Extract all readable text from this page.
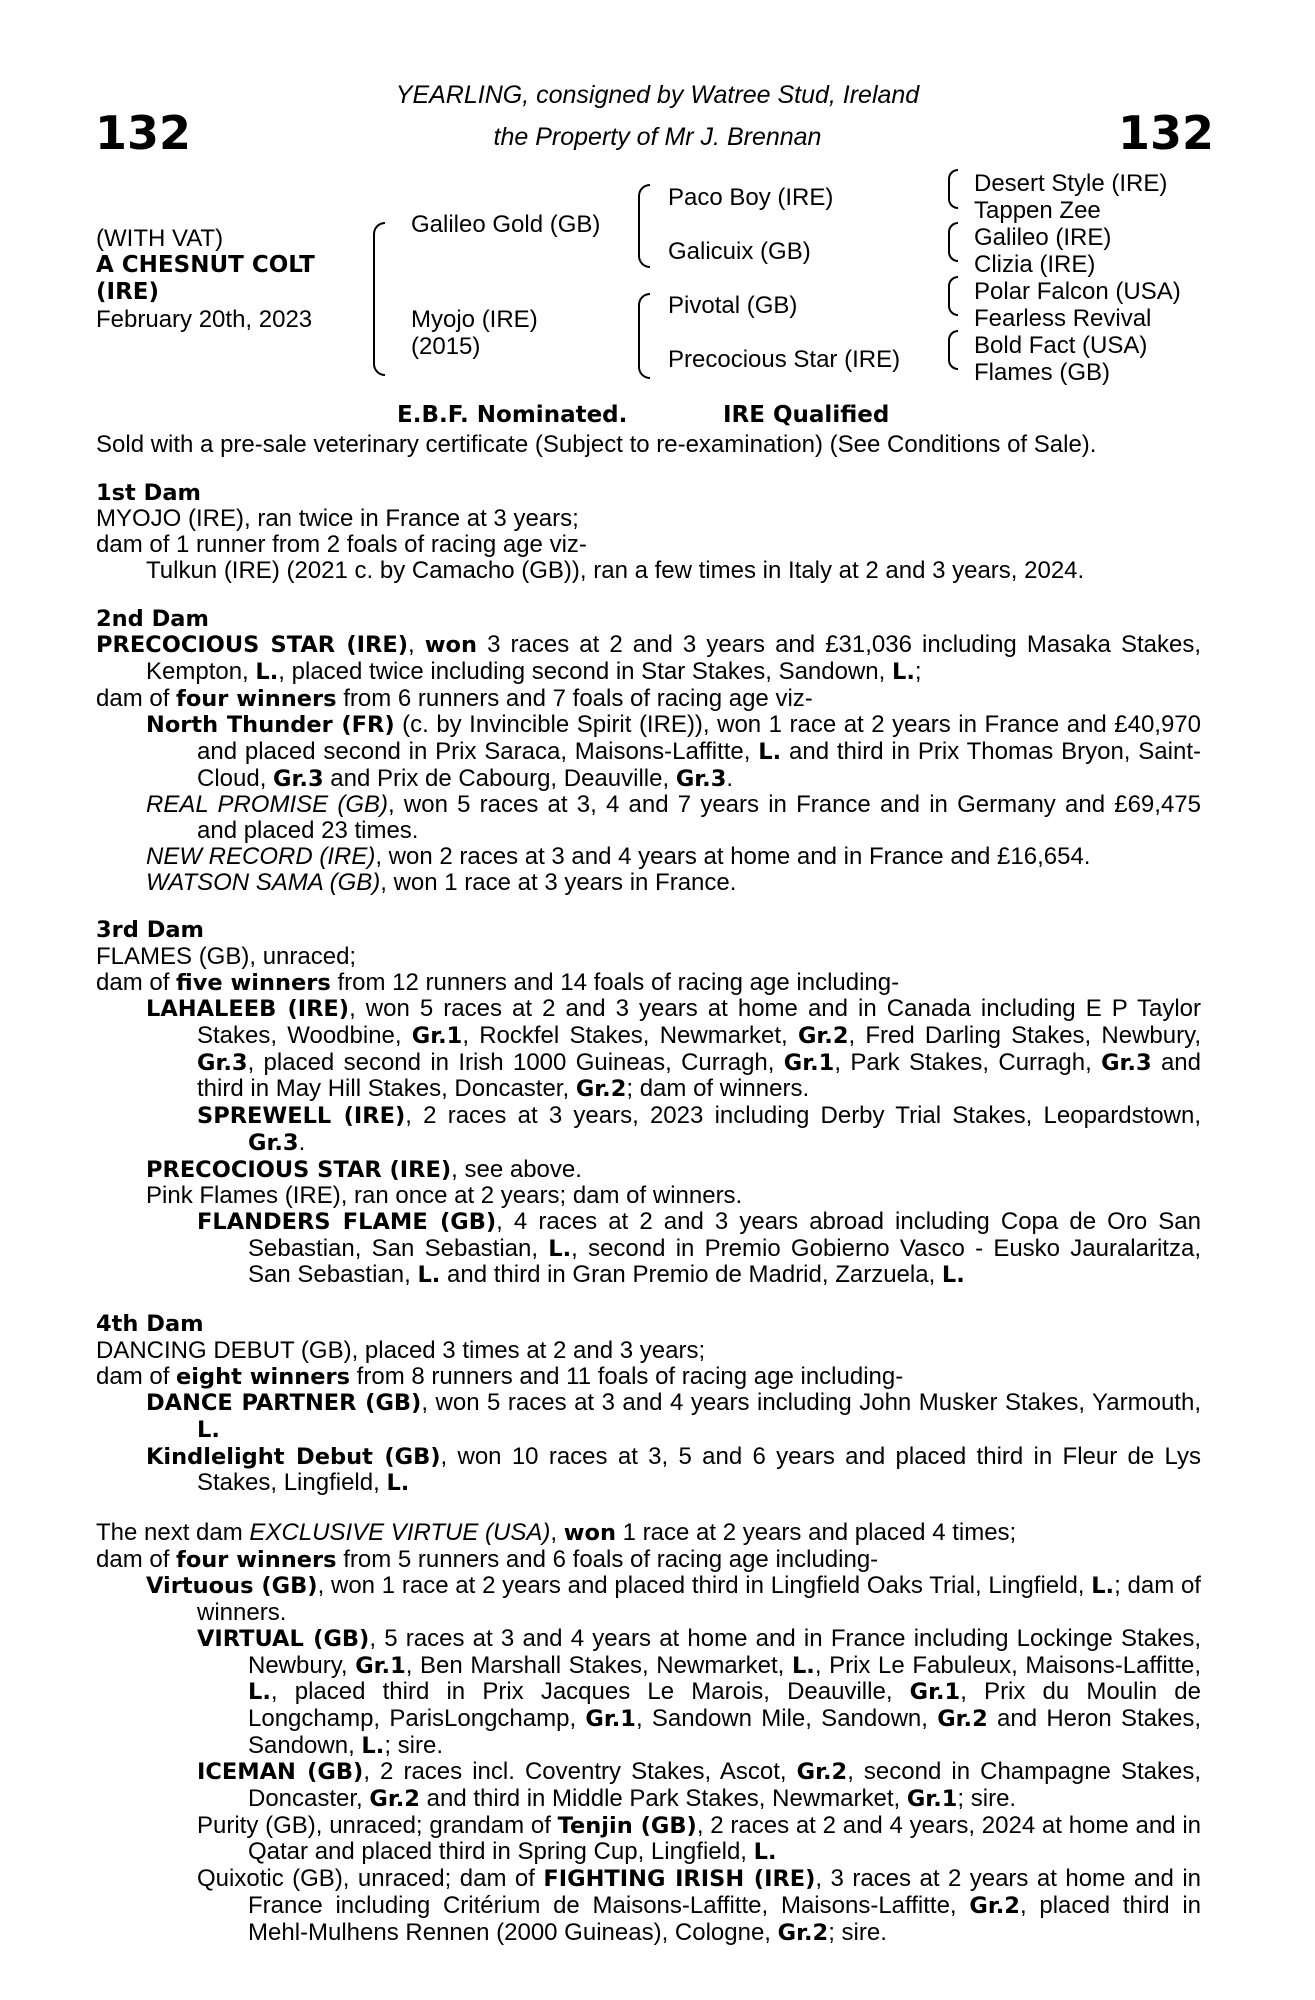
132	132
YEARLING, consigned by Watree Stud, Ireland
the Property of Mr J. Brennan
(WITH VAT)
A CHESNUT COLT
(IRE)
February 20th, 2023
Galileo Gold (GB)
Myojo (IRE)
(2015)
Paco Boy (IRE)
Galicuix (GB)
Pivotal (GB)
Precocious Star (IRE)
Desert Style (IRE)
Tappen Zee
Galileo (IRE)
Clizia (IRE)
Polar Falcon (USA)
Fearless Revival
Bold Fact (USA)
Flames (GB)
E.B.F. Nominated.	IRE Qualified
Sold with a pre-sale veterinary certificate (Subject to re-examination) (See Conditions of Sale).
1st Dam
MYOJO (IRE), ran twice in France at 3 years;
dam of 1 runner from 2 foals of racing age viz-
Tulkun (IRE) (2021 c. by Camacho (GB)), ran a few times in Italy at 2 and 3 years, 2024.
2nd Dam
PRECOCIOUS STAR (IRE), won 3 races at 2 and 3 years and £31,036 including Masaka Stakes, Kempton, L., placed twice including second in Star Stakes, Sandown, L.;
dam of four winners from 6 runners and 7 foals of racing age viz-
North Thunder (FR) (c. by Invincible Spirit (IRE)), won 1 race at 2 years in France and £40,970 and placed second in Prix Saraca, Maisons-Laffitte, L. and third in Prix Thomas Bryon, Saint-Cloud, Gr.3 and Prix de Cabourg, Deauville, Gr.3.
REAL PROMISE (GB), won 5 races at 3, 4 and 7 years in France and in Germany and £69,475 and placed 23 times.
NEW RECORD (IRE), won 2 races at 3 and 4 years at home and in France and £16,654.
WATSON SAMA (GB), won 1 race at 3 years in France.
3rd Dam
FLAMES (GB), unraced;
dam of five winners from 12 runners and 14 foals of racing age including-
LAHALEEB (IRE), won 5 races at 2 and 3 years at home and in Canada including E P Taylor Stakes, Woodbine, Gr.1, Rockfel Stakes, Newmarket, Gr.2, Fred Darling Stakes, Newbury, Gr.3, placed second in Irish 1000 Guineas, Curragh, Gr.1, Park Stakes, Curragh, Gr.3 and third in May Hill Stakes, Doncaster, Gr.2; dam of winners.
SPREWELL (IRE), 2 races at 3 years, 2023 including Derby Trial Stakes, Leopardstown, Gr.3.
PRECOCIOUS STAR (IRE), see above.
Pink Flames (IRE), ran once at 2 years; dam of winners.
FLANDERS FLAME (GB), 4 races at 2 and 3 years abroad including Copa de Oro San Sebastian, San Sebastian, L., second in Premio Gobierno Vasco - Eusko Jauralaritza, San Sebastian, L. and third in Gran Premio de Madrid, Zarzuela, L.
4th Dam
DANCING DEBUT (GB), placed 3 times at 2 and 3 years;
dam of eight winners from 8 runners and 11 foals of racing age including-
DANCE PARTNER (GB), won 5 races at 3 and 4 years including John Musker Stakes, Yarmouth, L.
Kindlelight Debut (GB), won 10 races at 3, 5 and 6 years and placed third in Fleur de Lys Stakes, Lingfield, L.
The next dam EXCLUSIVE VIRTUE (USA), won 1 race at 2 years and placed 4 times;
dam of four winners from 5 runners and 6 foals of racing age including-
Virtuous (GB), won 1 race at 2 years and placed third in Lingfield Oaks Trial, Lingfield, L.; dam of winners.
VIRTUAL (GB), 5 races at 3 and 4 years at home and in France including Lockinge Stakes, Newbury, Gr.1, Ben Marshall Stakes, Newmarket, L., Prix Le Fabuleux, Maisons-Laffitte, L., placed third in Prix Jacques Le Marois, Deauville, Gr.1, Prix du Moulin de Longchamp, ParisLongchamp, Gr.1, Sandown Mile, Sandown, Gr.2 and Heron Stakes, Sandown, L.; sire.
ICEMAN (GB), 2 races incl. Coventry Stakes, Ascot, Gr.2, second in Champagne Stakes, Doncaster, Gr.2 and third in Middle Park Stakes, Newmarket, Gr.1; sire.
Purity (GB), unraced; grandam of Tenjin (GB), 2 races at 2 and 4 years, 2024 at home and in Qatar and placed third in Spring Cup, Lingfield, L.
Quixotic (GB), unraced; dam of FIGHTING IRISH (IRE), 3 races at 2 years at home and in France including Critérium de Maisons-Laffitte, Maisons-Laffitte, Gr.2, placed third in Mehl-Mulhens Rennen (2000 Guineas), Cologne, Gr.2; sire.
